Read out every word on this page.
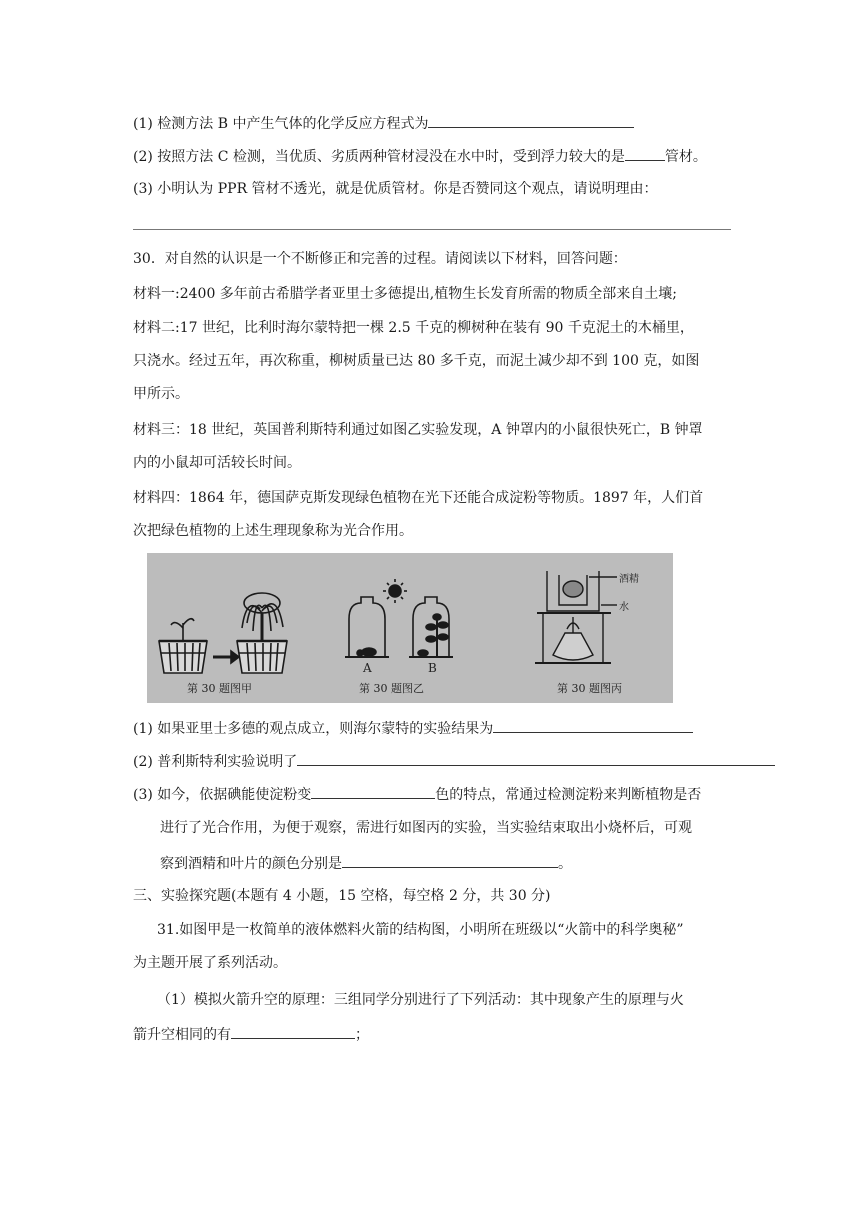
(1) 检测方法 B 中产生气体的化学反应方程式为
(2) 按照方法 C 检测，当优质、劣质两种管材浸没在水中时，受到浮力较大的是	管材。
(3) 小明认为 PPR 管材不透光，就是优质管材。你是否赞同这个观点，请说明理由：
30．对自然的认识是一个不断修正和完善的过程。请阅读以下材料，回答问题：
材料一:2400 多年前古希腊学者亚里士多德提出,植物生长发育所需的物质全部来自土壤;
材料二:17 世纪，比利时海尔蒙特把一棵 2.5 千克的柳树种在装有 90 千克泥土的木桶里，
只浇水。经过五年，再次称重，柳树质量已达 80 多千克，而泥土减少却不到 100 克，如图
甲所示。
材料三：18 世纪，英国普利斯特利通过如图乙实验发现，A 钟罩内的小鼠很快死亡，B 钟罩
内的小鼠却可活较长时间。
材料四：1864 年，德国萨克斯发现绿色植物在光下还能合成淀粉等物质。1897 年，人们首
次把绿色植物的上述生理现象称为光合作用。
第 30 题图甲	第 30 题图乙	第 30 题图丙
A	B
酒精
水
(1) 如果亚里士多德的观点成立，则海尔蒙特的实验结果为
(2) 普利斯特利实验说明了
(3) 如今，依据碘能使淀粉变	色的特点，常通过检测淀粉来判断植物是否
进行了光合作用，为便于观察，需进行如图丙的实验，当实验结束取出小烧杯后，可观
察到酒精和叶片的颜色分别是	。
三、实验探究题(本题有 4 小题，15 空格，每空格 2 分，共 30 分)
31.如图甲是一枚简单的液体燃料火箭的结构图，小明所在班级以“火箭中的科学奥秘”
为主题开展了系列活动。
（1）模拟火箭升空的原理：三组同学分别进行了下列活动：其中现象产生的原理与火
箭升空相同的有	；
